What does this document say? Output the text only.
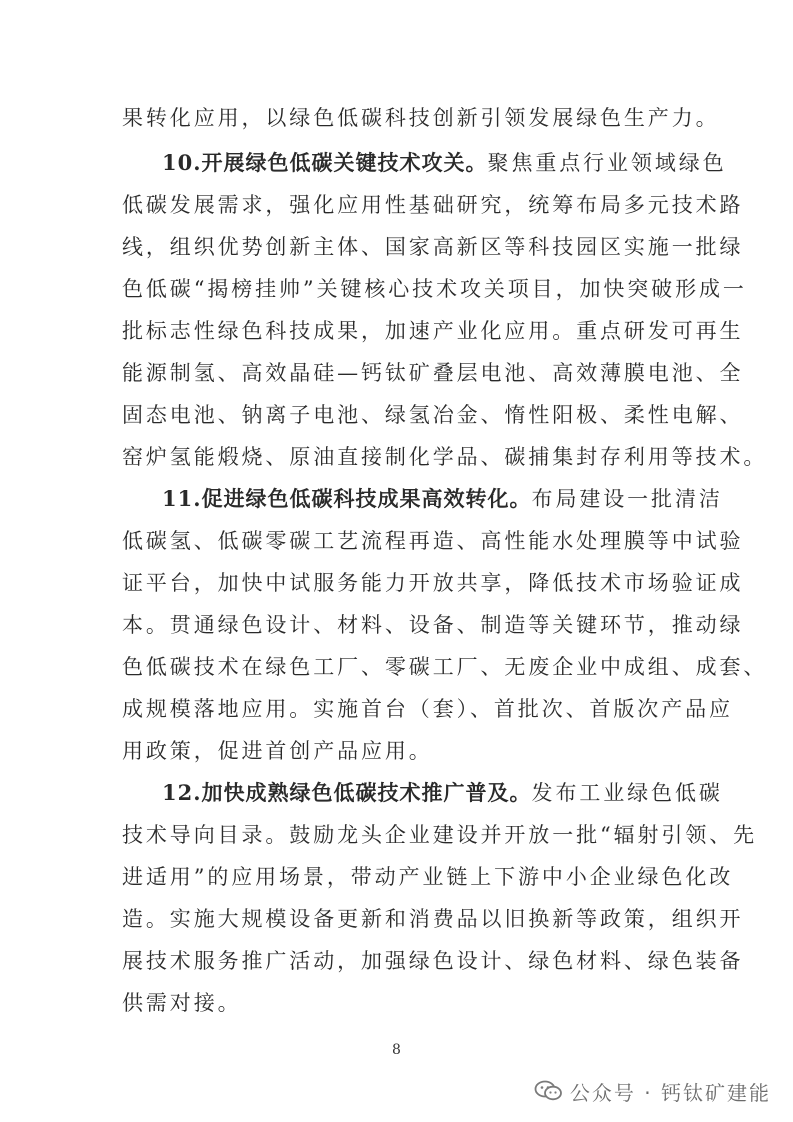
果转化应用，以绿色低碳科技创新引领发展绿色生产力。
10.开展绿色低碳关键技术攻关。聚焦重点行业领域绿色
低碳发展需求，强化应用性基础研究，统筹布局多元技术路
线，组织优势创新主体、国家高新区等科技园区实施一批绿
色低碳“揭榜挂帅”关键核心技术攻关项目，加快突破形成一
批标志性绿色科技成果，加速产业化应用。重点研发可再生
能源制氢、高效晶硅—钙钛矿叠层电池、高效薄膜电池、全
固态电池、钠离子电池、绿氢冶金、惰性阳极、柔性电解、
窑炉氢能煅烧、原油直接制化学品、碳捕集封存利用等技术。
11.促进绿色低碳科技成果高效转化。布局建设一批清洁
低碳氢、低碳零碳工艺流程再造、高性能水处理膜等中试验
证平台，加快中试服务能力开放共享，降低技术市场验证成
本。贯通绿色设计、材料、设备、制造等关键环节，推动绿
色低碳技术在绿色工厂、零碳工厂、无废企业中成组、成套、
成规模落地应用。实施首台（套）、首批次、首版次产品应
用政策，促进首创产品应用。
12.加快成熟绿色低碳技术推广普及。发布工业绿色低碳
技术导向目录。鼓励龙头企业建设并开放一批“辐射引领、先
进适用”的应用场景，带动产业链上下游中小企业绿色化改
造。实施大规模设备更新和消费品以旧换新等政策，组织开
展技术服务推广活动，加强绿色设计、绿色材料、绿色装备
供需对接。
8
公众号 · 钙钛矿建能
